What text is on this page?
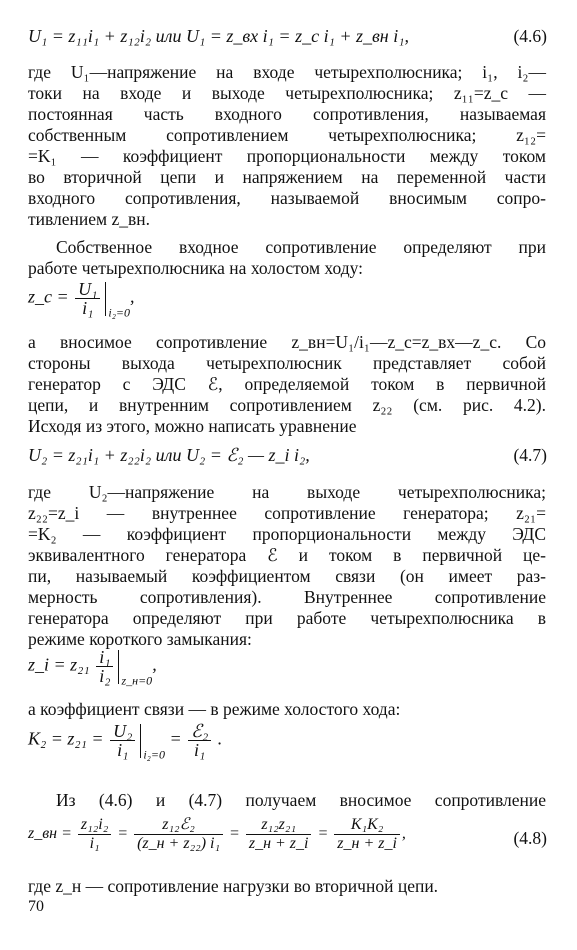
U₁ = z₁₁i₁ + z₁₂i₂ или U₁ = z_вх i₁ = z_с i₁ + z_вн i₁,	(4.6)
где U₁—напряжение на входе четырехполюсника; i₁, i₂—
токи на входе и выходе четырехполюсника; z₁₁=z_с —
постоянная часть входного сопротивления, называемая
собственным сопротивлением четырехполюсника; z₁₂=
=K₁ — коэффициент пропорциональности между током
во вторичной цепи и напряжением на переменной части
входного сопротивления, называемой вносимым сопро-
тивлением z_вн.
Собственное входное сопротивление определяют при
работе четырехполюсника на холостом ходу:
z_с = $\frac{\text{U₁}}{\text{i₁}} _{i_2=0}$,
а вносимое сопротивление z_вн=U₁/i₁—z_с=z_вх—z_с. Со
стороны выхода четырехполюсник представляет собой
генератор с ЭДС ℰ, определяемой током в первичной
цепи, и внутренним сопротивлением z₂₂ (см. рис. 4.2).
Исходя из этого, можно написать уравнение
U₂ = z₂₁i₁ + z₂₂i₂ или U₂ = ℰ₂ — z_i i₂,	(4.7)
где U₂—напряжение на выходе четырехполюсника;
z₂₂=z_i — внутреннее сопротивление генератора; z₂₁=
=K₂ — коэффициент пропорциональности между ЭДС
эквивалентного генератора ℰ и током в первичной це-
пи, называемый коэффициентом связи (он имеет раз-
мерность сопротивления). Внутреннее сопротивление
генератора определяют при работе четырехполюсника в
режиме короткого замыкания:
z_i = $z_{21} \frac{\text{i₁}}{\text{i₂}} _{z\_н=0}$,
а коэффициент связи — в режиме холостого хода:
$K_2 = z_{21} = \frac{\text{U₂}}{\text{i₁}} _{i_2=0} = \frac{\text{ℰ₂}}{\text{i₁}}$ .
Из (4.6) и (4.7) получаем вносимое сопротивление
z_вн = $\frac{\text{z₁₂i₂}}{\text{i₁}} = \frac{\text{z₁₂ℰ₂}}{\text{(z\_н + z₂₂) i₁}} = \frac{\text{z₁₂z₂₁}}{z\_н + z\_i} = \frac{\text{K₁K₂}}{z\_н + z\_i}$ ,	(4.8)
где z_н — сопротивление нагрузки во вторичной цепи.
70
